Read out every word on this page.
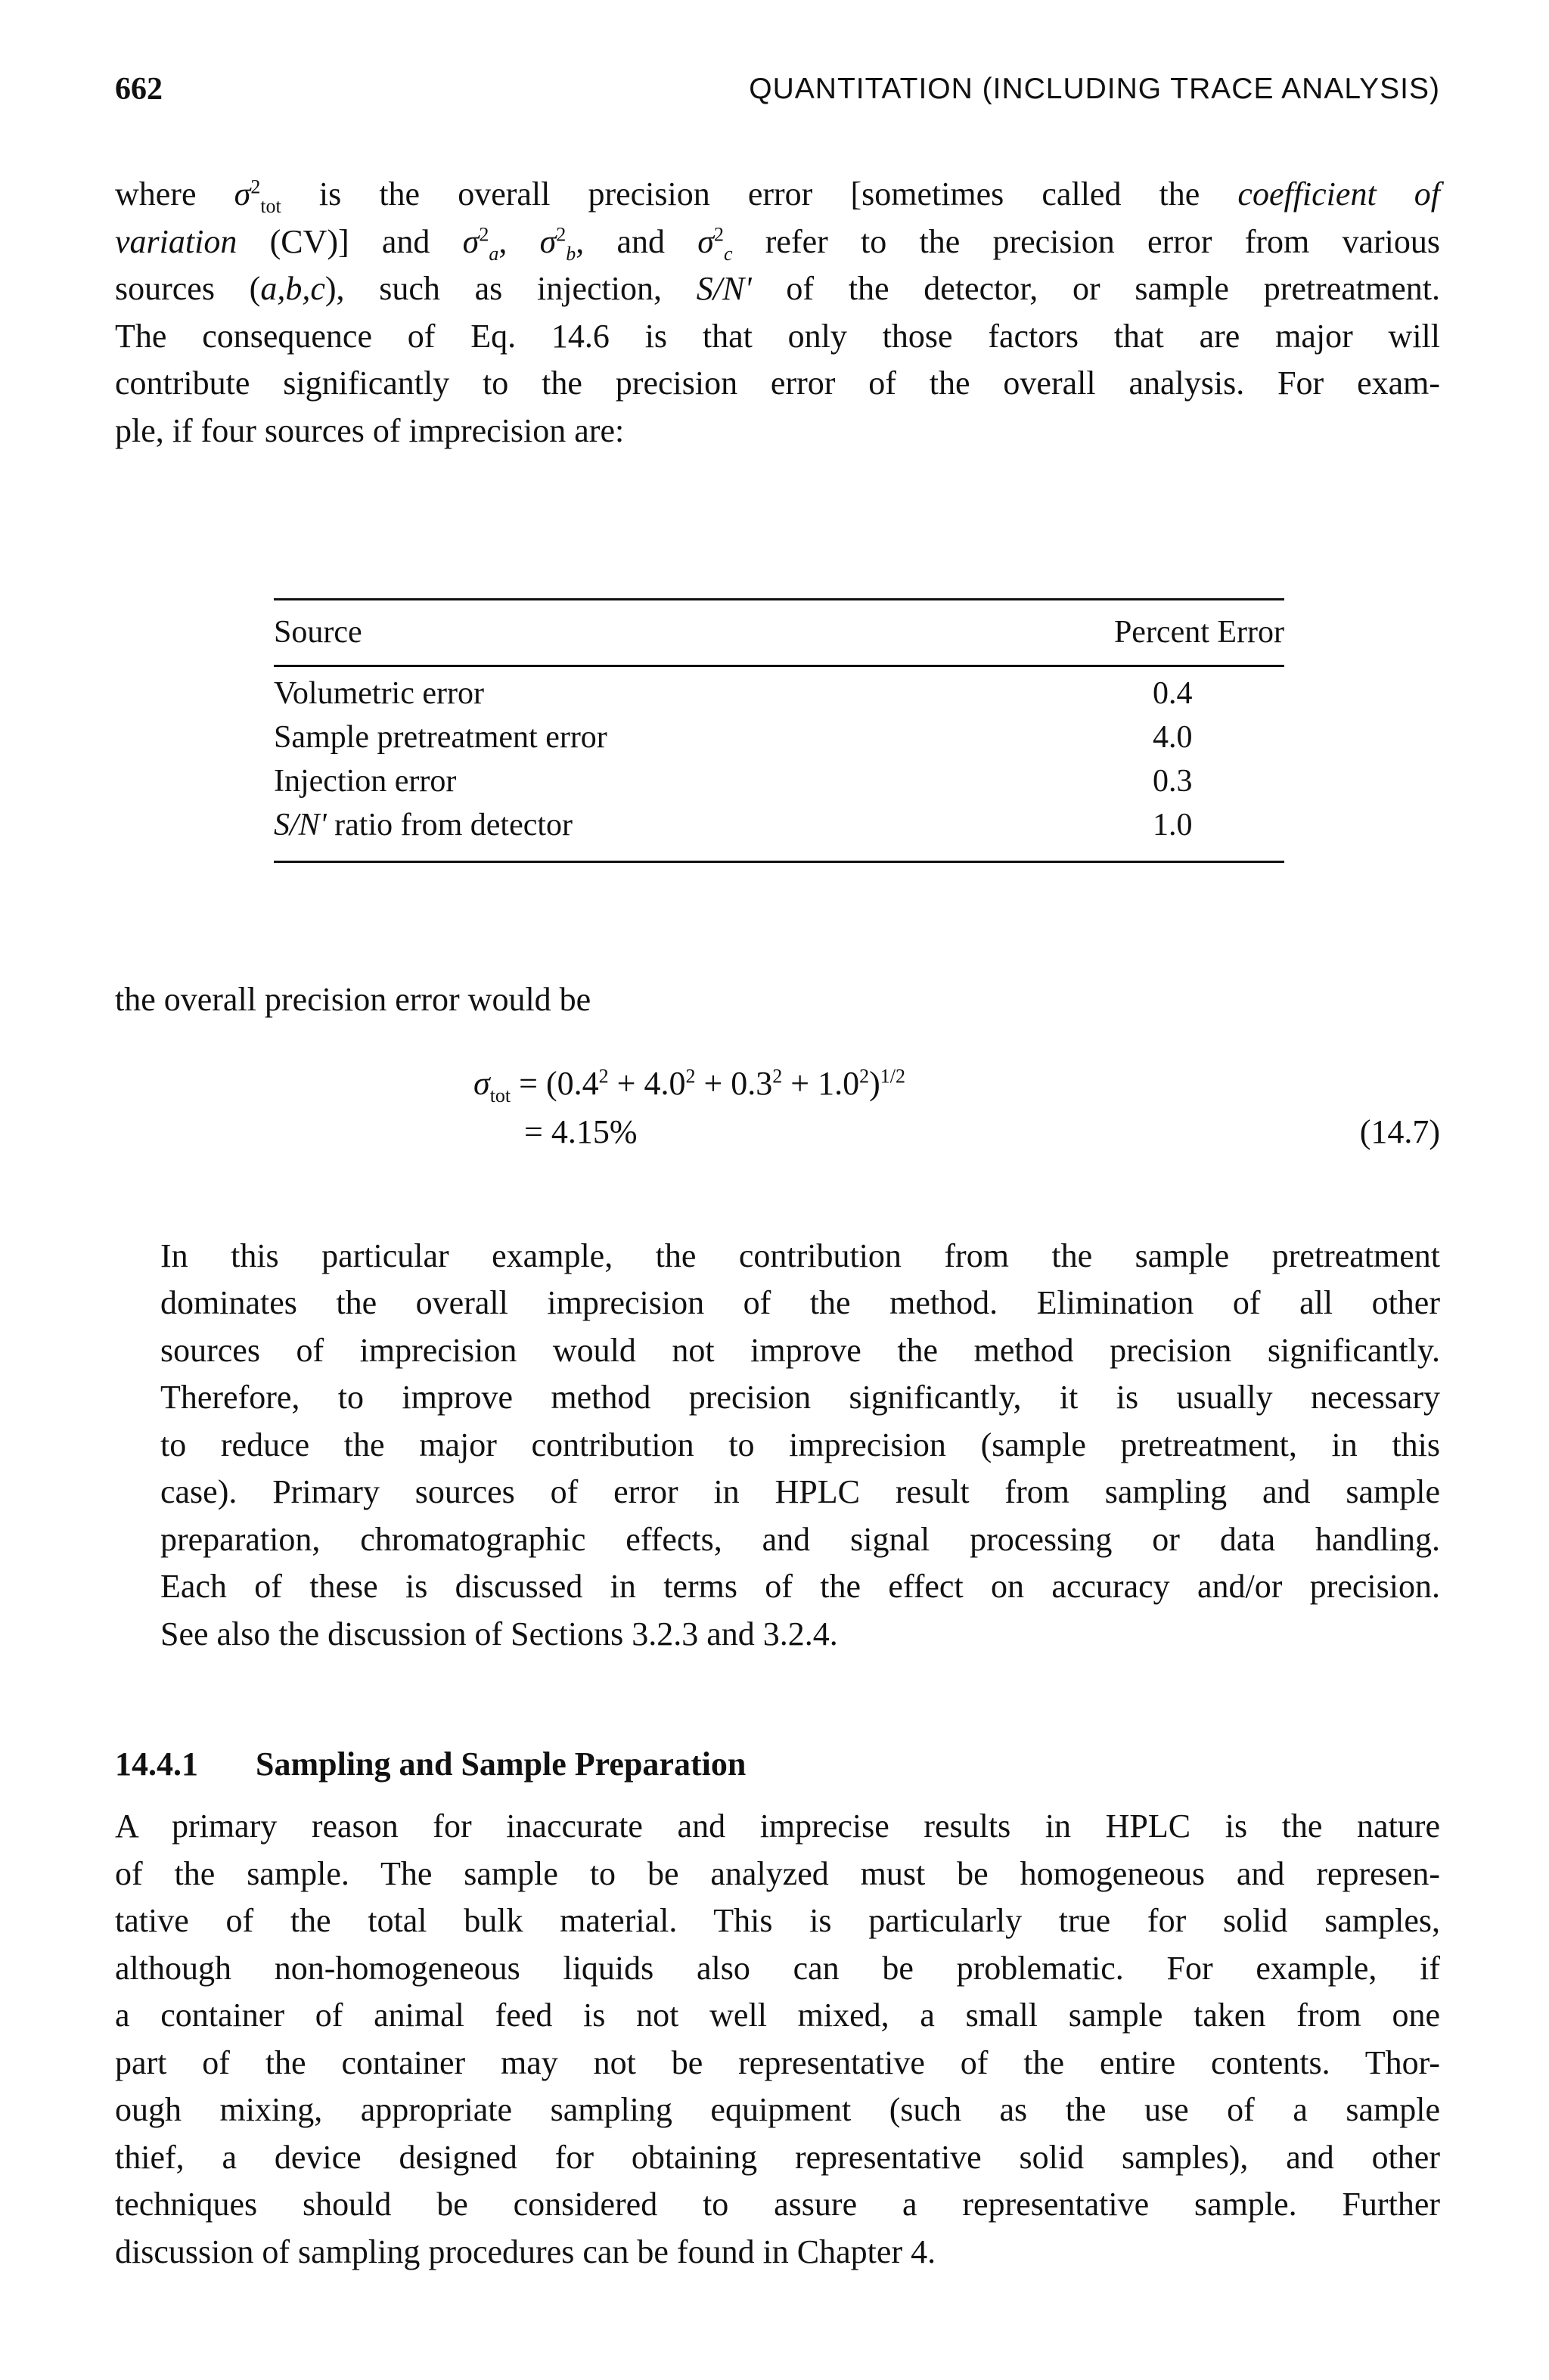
662	QUANTITATION (INCLUDING TRACE ANALYSIS)

where $\sigma^2_{tot}$ is the overall precision error [sometimes called the coefficient of
variation (CV)] and $\sigma^2_a$, $\sigma^2_b$, and $\sigma^2_c$ refer to the precision error from various
sources (a,b,c), such as injection, S/N' of the detector, or sample pretreatment.
The consequence of Eq. 14.6 is that only those factors that are major will
contribute significantly to the precision error of the overall analysis. For exam-
ple, if four sources of imprecision are:

Source	Percent Error
Volumetric error	0.4
Sample pretreatment error	4.0
Injection error	0.3
S/N' ratio from detector	1.0

the overall precision error would be

$\sigma_{tot} = (0.4^2 + 4.0^2 + 0.3^2 + 1.0^2)^{1/2}$
= 4.15%	(14.7)

In this particular example, the contribution from the sample pretreatment
dominates the overall imprecision of the method. Elimination of all other
sources of imprecision would not improve the method precision significantly.
Therefore, to improve method precision significantly, it is usually necessary
to reduce the major contribution to imprecision (sample pretreatment, in this
case). Primary sources of error in HPLC result from sampling and sample
preparation, chromatographic effects, and signal processing or data handling.
Each of these is discussed in terms of the effect on accuracy and/or precision.
See also the discussion of Sections 3.2.3 and 3.2.4.

14.4.1 Sampling and Sample Preparation

A primary reason for inaccurate and imprecise results in HPLC is the nature
of the sample. The sample to be analyzed must be homogeneous and represen-
tative of the total bulk material. This is particularly true for solid samples,
although non-homogeneous liquids also can be problematic. For example, if
a container of animal feed is not well mixed, a small sample taken from one
part of the container may not be representative of the entire contents. Thor-
ough mixing, appropriate sampling equipment (such as the use of a sample
thief, a device designed for obtaining representative solid samples), and other
techniques should be considered to assure a representative sample. Further
discussion of sampling procedures can be found in Chapter 4.
